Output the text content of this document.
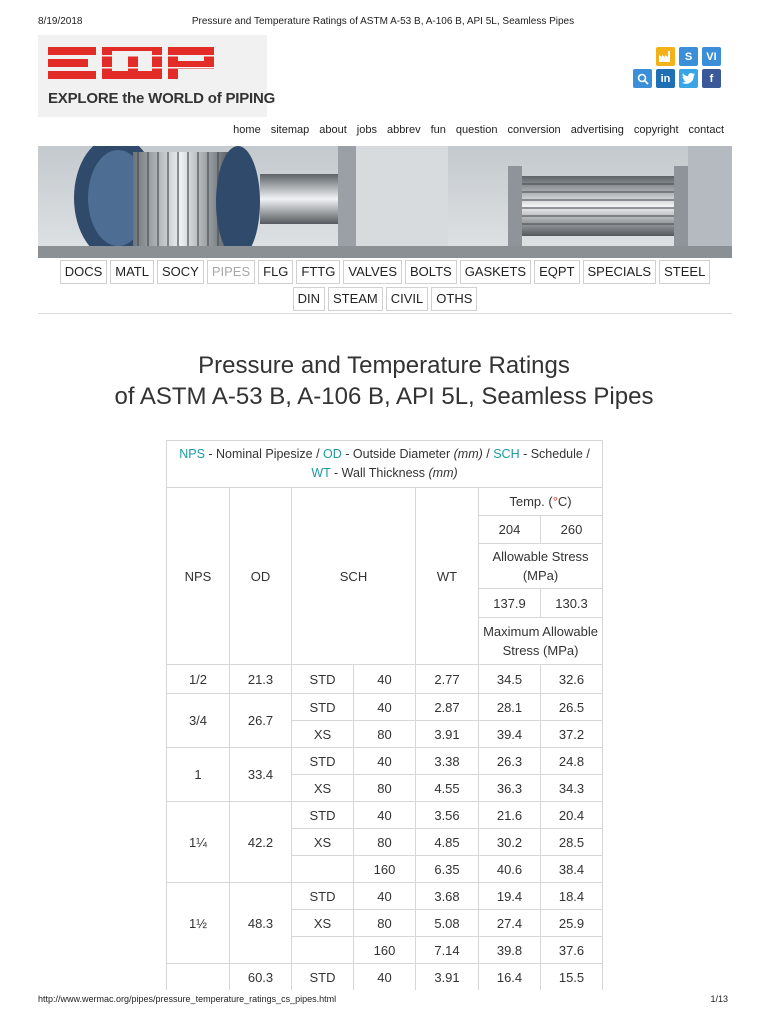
8/19/2018	Pressure and Temperature Ratings of ASTM A-53 B, A-106 B, API 5L, Seamless Pipes
EXPLORE the WORLD of PIPING
S	VI
in	f
home sitemap about jobs abbrev fun question conversion advertising copyright contact
DOCS	MATL	SOCY	PIPES	FLG	FTTG	VALVES	BOLTS	GASKETS	EQPT	SPECIALS	STEEL
DIN	STEAM	CIVIL	OTHS
Pressure and Temperature Ratings
of ASTM A-53 B, A-106 B, API 5L, Seamless Pipes
NPS - Nominal Pipesize / OD - Outside Diameter (mm) / SCH - Schedule / WT - Wall Thickness (mm)						
NPS	OD	SCH		WT	Temp. (°C)	
					204	260
					Allowable Stress (MPa)	
					137.9	130.3
					Maximum Allowable Stress (MPa)	
1/2	21.3	STD	40	2.77	34.5	32.6
3/4	26.7	STD	40	2.87	28.1	26.5
		XS	80	3.91	39.4	37.2
1	33.4	STD	40	3.38	26.3	24.8
		XS	80	4.55	36.3	34.3
1¼	42.2	STD	40	3.56	21.6	20.4
		XS	80	4.85	30.2	28.5
			160	6.35	40.6	38.4
1½	48.3	STD	40	3.68	19.4	18.4
		XS	80	5.08	27.4	25.9
			160	7.14	39.8	37.6
	60.3	STD	40	3.91	16.4	15.5
http://www.wermac.org/pipes/pressure_temperature_ratings_cs_pipes.html	1/13
